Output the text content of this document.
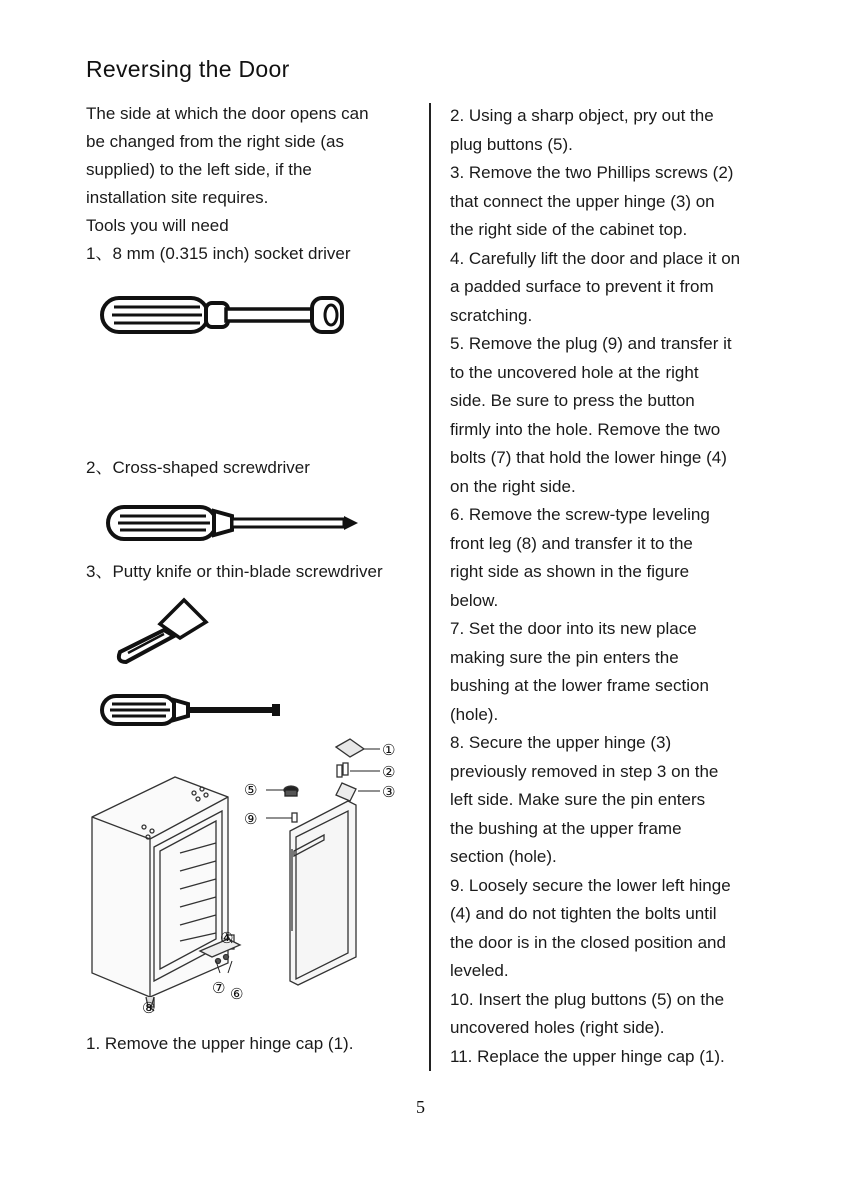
Reversing the Door

The side at which the door opens can

be changed from the right side (as

supplied) to the left side, if the

installation site requires.

Tools you will need

1、8 mm (0.315 inch) socket driver

2、Cross-shaped screwdriver

3、Putty knife or thin-blade screwdriver

①
②
③
④
⑤
⑥
⑦
⑧
⑨

1. Remove the upper hinge cap (1).

2. Using a sharp object, pry out the
plug buttons (5).
3. Remove the two Phillips screws (2)
that connect the upper hinge (3) on
the right side of the cabinet top.
4. Carefully lift the door and place it on
a padded surface to prevent it from
scratching.
5. Remove the plug (9) and transfer it
to the uncovered hole at the right
side. Be sure to press the button
firmly into the hole. Remove the two
bolts (7) that hold the lower hinge (4)
on the right side.
6. Remove the screw-type leveling
front leg (8) and transfer it to the
right side as shown in the figure
below.
7. Set the door into its new place
making sure the pin enters the
bushing at the lower frame section
(hole).
8. Secure the upper hinge (3)
previously removed in step 3 on the
left side. Make sure the pin enters
the bushing at the upper frame
section (hole).
9. Loosely secure the lower left hinge
(4) and do not tighten the bolts until
the door is in the closed position and
leveled.
10. Insert the plug buttons (5) on the
uncovered holes (right side).
11. Replace the upper hinge cap (1).
5
